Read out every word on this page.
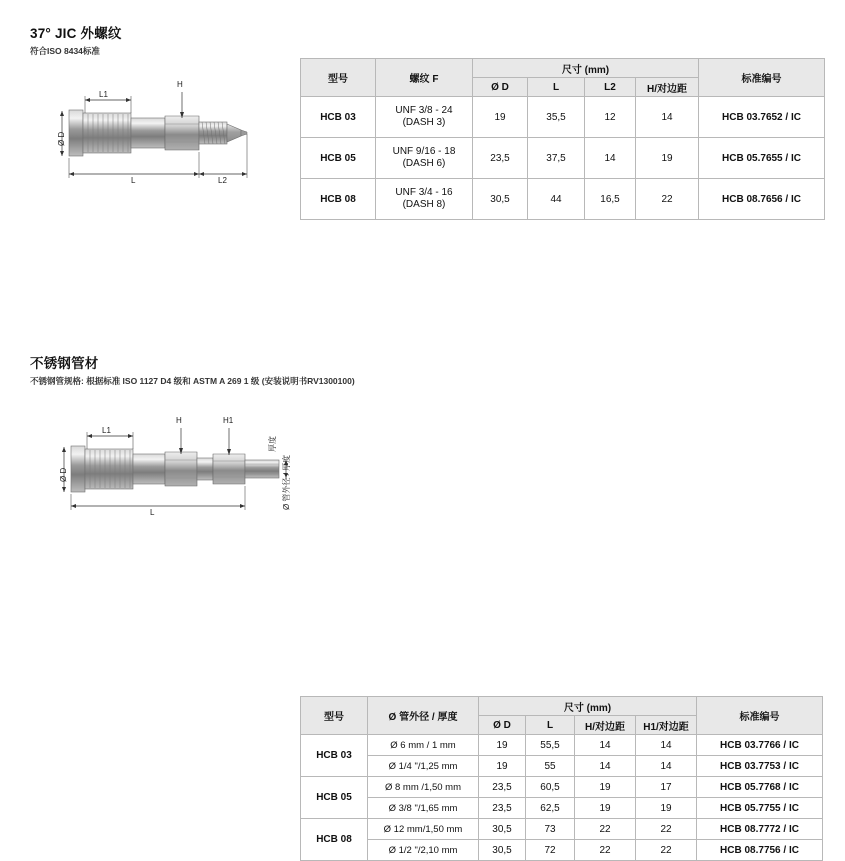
37° JIC 外螺纹
符合ISO 8434标准
L1
H
Ø D
L	L2
型号	螺纹 F	尺寸 (mm)				标准编号
		Ø D	L	L2	H/对边距	
HCB 03	UNF 3/8 - 24
(DASH 3)	19	35,5	12	14	HCB 03.7652 / IC
HCB 05	UNF 9/16 - 18
(DASH 6)	23,5	37,5	14	19	HCB 05.7655 / IC
HCB 08	UNF 3/4 - 16
(DASH 8)	30,5	44	16,5	22	HCB 08.7656 / IC
不锈钢管材
不锈钢管规格: 根据标准 ISO 1127 D4 级和 ASTM A 269 1 级 (安装说明书RV1300100)
L1
H	H1
Ø D
L
Ø 管外径 / 厚度
厚度
型号	Ø 管外径 / 厚度	尺寸 (mm)				标准编号
		Ø D	L	H/对边距	H1/对边距	
HCB 03	Ø 6 mm / 1 mm	19	55,5	14	14	HCB 03.7766 / IC
	Ø 1/4 "/1,25 mm	19	55	14	14	HCB 03.7753 / IC
HCB 05	Ø 8 mm /1,50 mm	23,5	60,5	19	17	HCB 05.7768 / IC
	Ø 3/8 "/1,65 mm	23,5	62,5	19	19	HCB 05.7755 / IC
HCB 08	Ø 12 mm/1,50 mm	30,5	73	22	22	HCB 08.7772 / IC
	Ø 1/2 "/2,10 mm	30,5	72	22	22	HCB 08.7756 / IC
